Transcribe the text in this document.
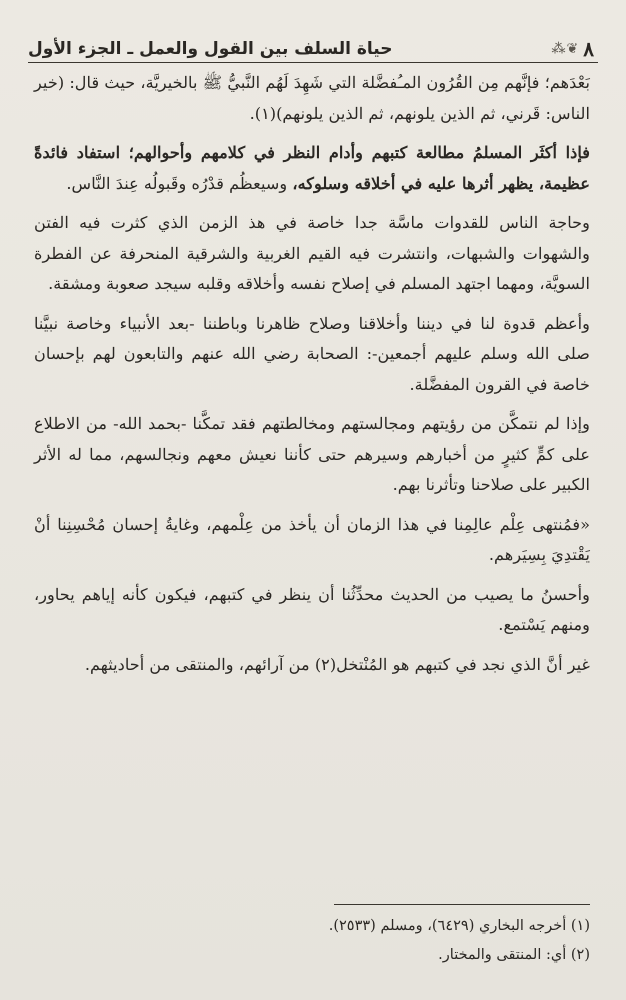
٨
❦⁂
حياة السلف بين القول والعمل ـ الجزء الأول

بَعْدَهم؛ فإنَّهم مِن القُرُون المـُفضَّلة التي شَهِدَ لَهُم النَّبيُّ ﷺ بالخيريَّة، حيث قال: (خير الناس: قَرني، ثم الذين يلونهم، ثم الذين يلونهم)(١).

فإذا أكثَر المسلمُ مطالعة كتبهم وأدام النظر في كلامهم وأحوالهم؛ استفاد فائدةً عظيمة، يظهر أثرها عليه في أخلاقه وسلوكه، وسيعظُم قدْرُه وقَبولُه عِندَ النَّاس.

وحاجة الناس للقدوات ماسَّة جدا خاصة في هذ الزمن الذي كثرت فيه الفتن والشهوات والشبهات، وانتشرت فيه القيم الغربية والشرقية المنحرفة عن الفطرة السويَّة، ومهما اجتهد المسلم في إصلاح نفسه وأخلاقه وقلبه سيجد صعوبة ومشقة.

وأعظم قدوة لنا في ديننا وأخلاقنا وصلاح ظاهرنا وباطننا -بعد الأنبياء وخاصة نبيَّنا صلى الله وسلم عليهم أجمعين-: الصحابة رضي الله عنهم والتابعون لهم بإحسان خاصة في القرون المفضَّلة.

وإذا لم نتمكَّن من رؤيتهم ومجالستهم ومخالطتهم فقد تمكَّنا -بحمد الله- من الاطلاع على كمٍّ كثيرٍ من أخبارهم وسيرهم حتى كأننا نعيش معهم ونجالسهم، مما له الأثر الكبير على صلاحنا وتأثرنا بهم.

«فمُنتهى عِلْم عالِمِنا في هذا الزمان أن يأخذ من عِلْمهم، وغايةُ إحسان مُحْسِنِنا أنْ يَقْتدِيَ بِسِيَرهم.

وأحسنُ ما يصيب من الحديث محدِّثُنا أن ينظر في كتبهم، فيكون كأنه إياهم يحاور، ومنهم يَسْتمع.

غير أنَّ الذي نجد في كتبهم هو المُنْتخل(٢) من آرائهم، والمنتقى من أحاديثهم.

(١) أخرجه البخاري (٦٤٢٩)، ومسلم (٢٥٣٣).
(٢) أي: المنتقى والمختار.
